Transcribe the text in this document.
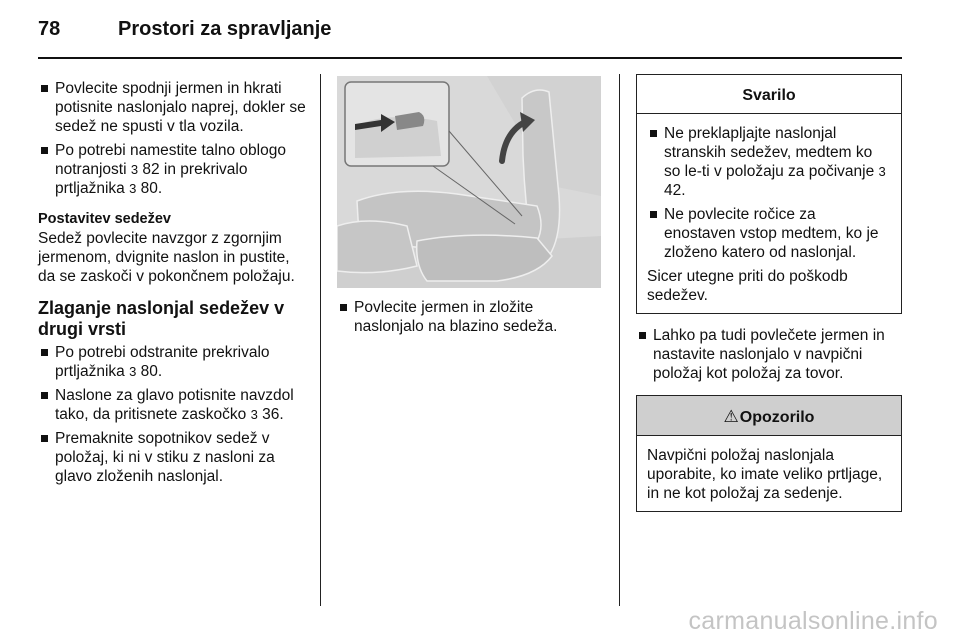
78	Prostori za spravljanje
Povlecite spodnji jermen in hkrati potisnite naslonjalo naprej, dokler se sedež ne spusti v tla vozila.
Po potrebi namestite talno oblogo notranjosti 3 82 in prekrivalo prtljažnika 3 80.
Postavitev sedežev
Sedež povlecite navzgor z zgornjim jermenom, dvignite naslon in pustite, da se zaskoči v pokončnem položaju.
Zlaganje naslonjal sedežev v drugi vrsti
Po potrebi odstranite prekrivalo prtljažnika 3 80.
Naslone za glavo potisnite navzdol tako, da pritisnete zaskočko 3 36.
Premaknite sopotnikov sedež v položaj, ki ni v stiku z nasloni za glavo zloženih naslonjal.
Povlecite jermen in zložite naslonjalo na blazino sedeža.
Svarilo
Ne preklapljajte naslonjal stranskih sedežev, medtem ko so le-ti v položaju za počivanje 3 42.
Ne povlecite ročice za enostaven vstop medtem, ko je zloženo katero od naslonjal.
Sicer utegne priti do poškodb sedežev.
Lahko pa tudi povlečete jermen in nastavite naslonjalo v navpični položaj kot položaj za tovor.
⚠Opozorilo
Navpični položaj naslonjala uporabite, ko imate veliko prtljage, in ne kot položaj za sedenje.
carmanualsonline.info
